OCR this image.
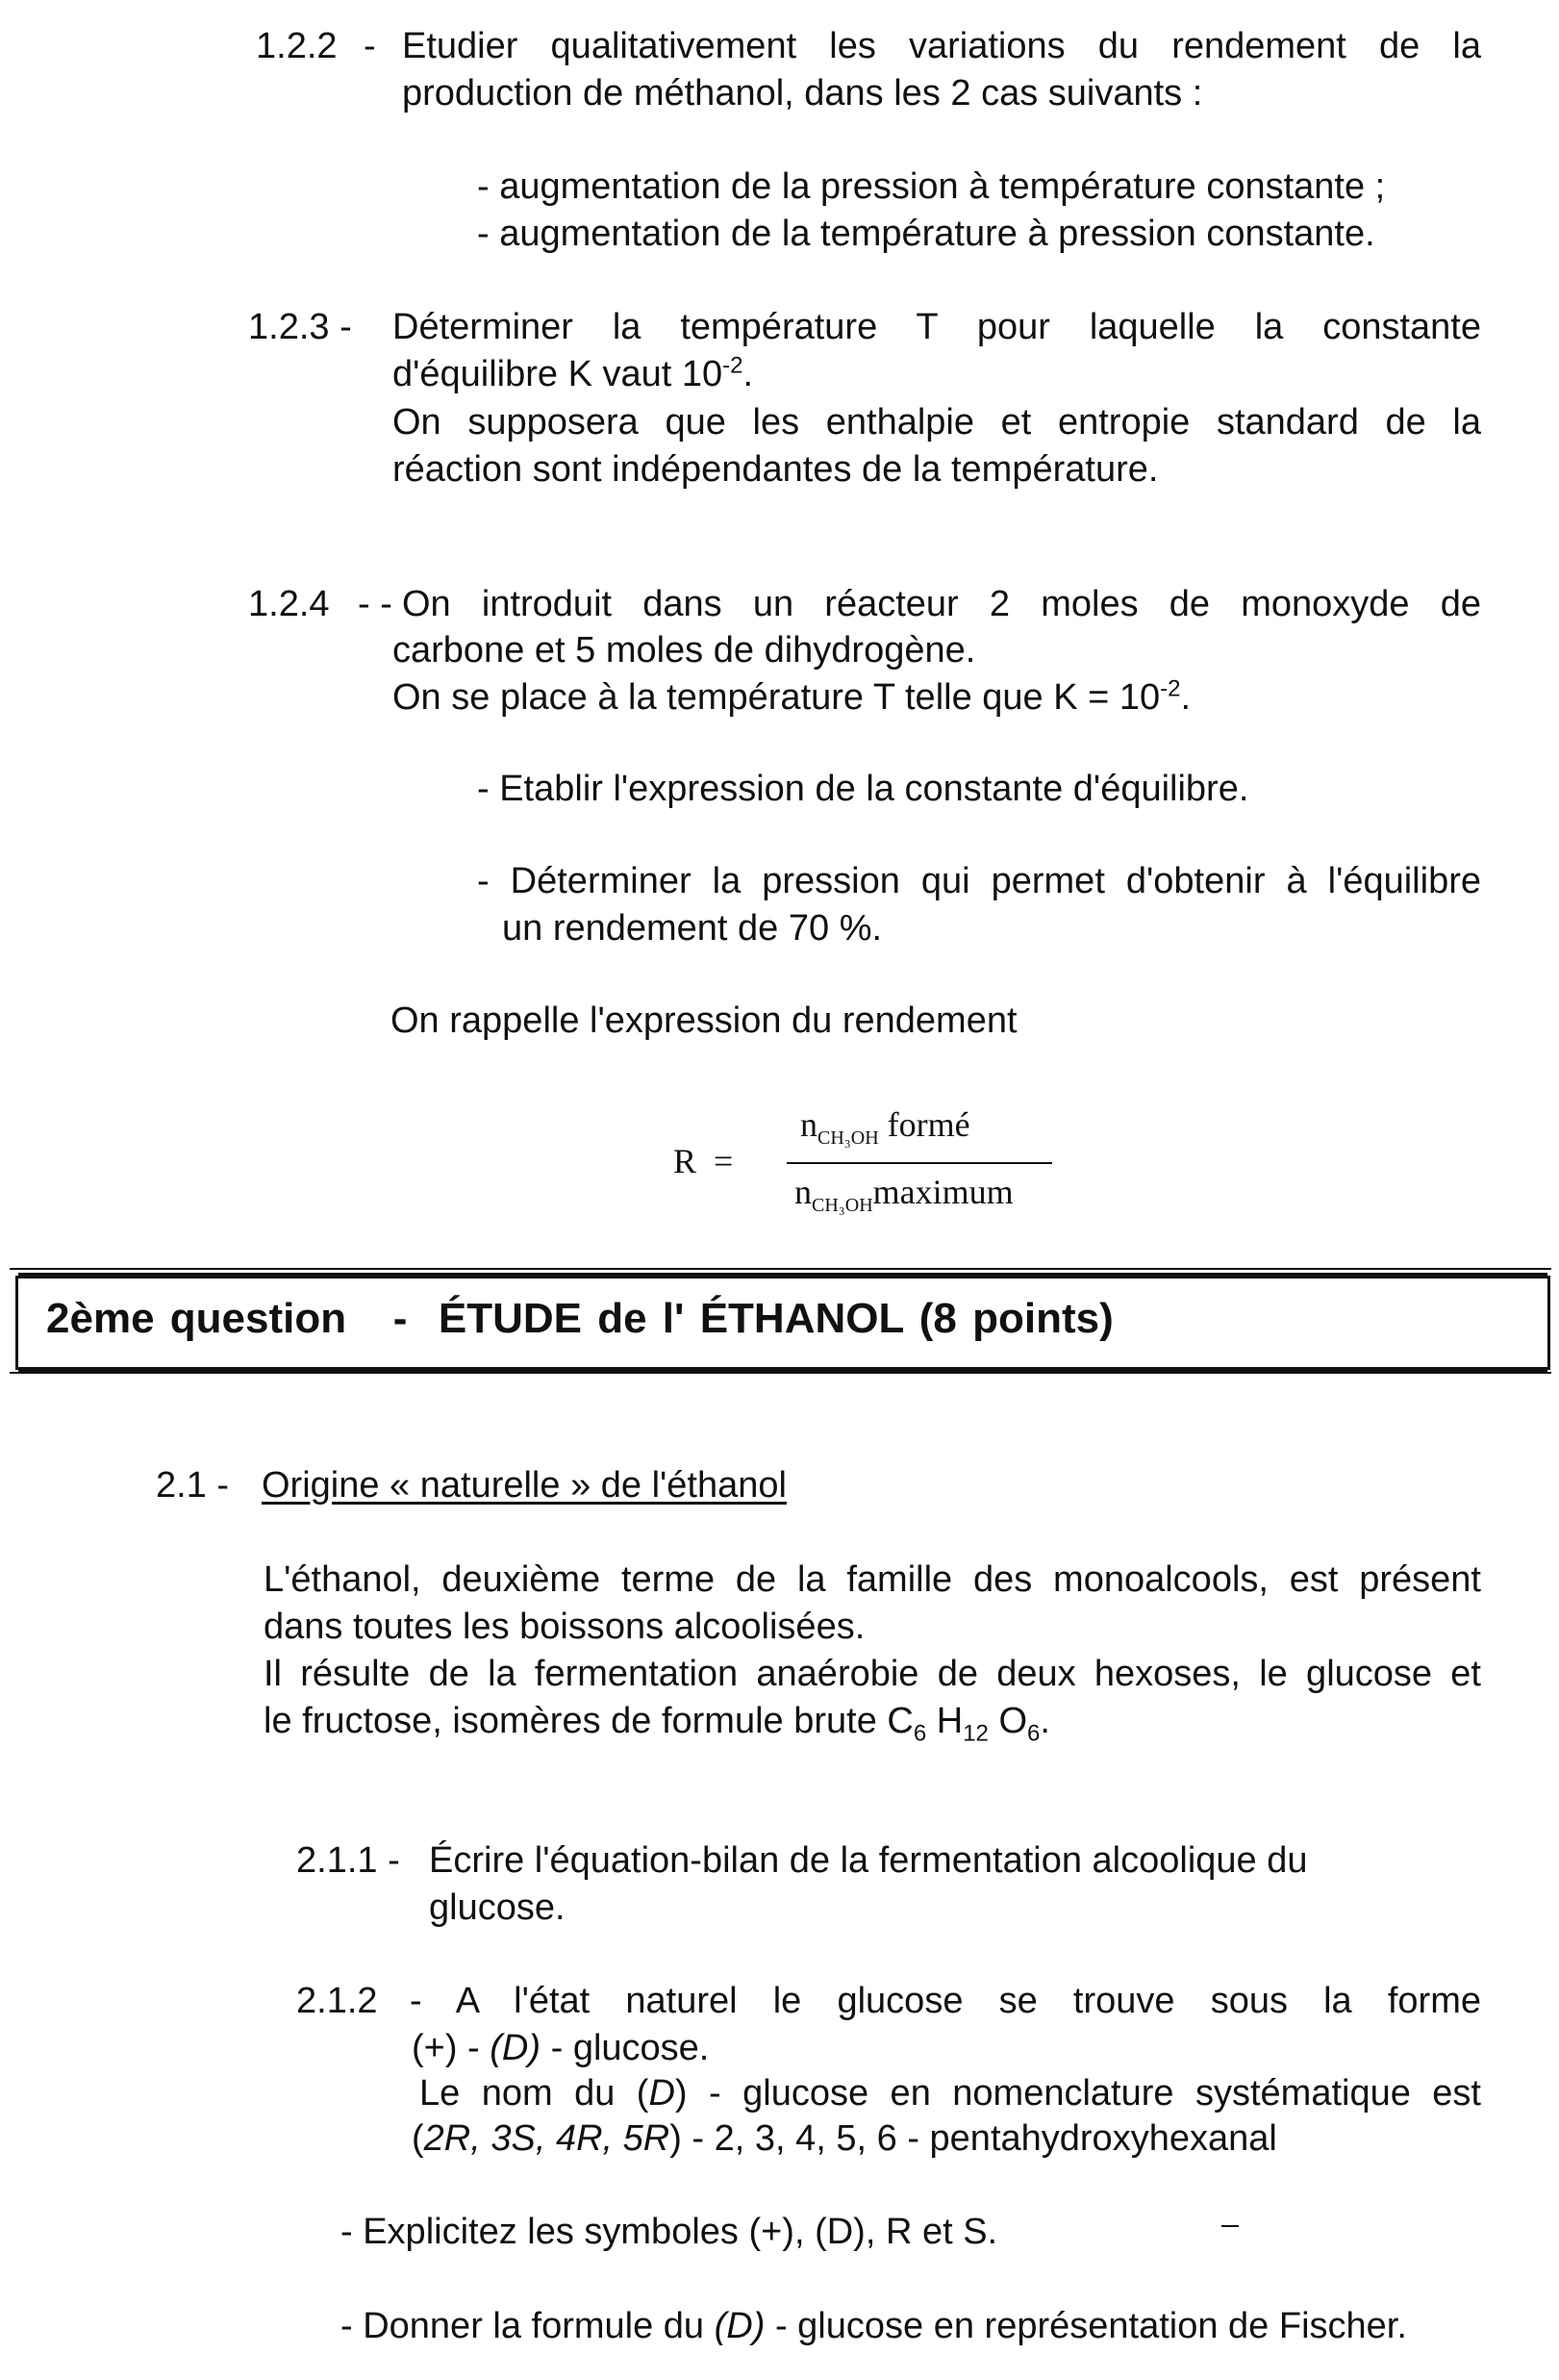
1.2.2 - Etudier qualitativement les variations du rendement de la
production de méthanol, dans les 2 cas suivants :
- augmentation de la pression à température constante ;
- augmentation de la température à pression constante.
1.2.3 - Déterminer la température T pour laquelle la constante
d'équilibre K vaut $10^{-2}$.
On supposera que les enthalpie et entropie standard de la
réaction sont indépendantes de la température.
1.2.4 - - On introduit dans un réacteur 2 moles de monoxyde de
carbone et 5 moles de dihydrogène.
On se place à la température T telle que $K = 10^{-2}$.
- Etablir l'expression de la constante d'équilibre.
- Déterminer la pression qui permet d'obtenir à l'équilibre
un rendement de 70 %.
On rappelle l'expression du rendement
R  =
$n_{CH_3OH}$ formé
$n_{CH_3OH}maximum$
2ème question   -  ÉTUDE de l' ÉTHANOL (8 points)
2.1 - Origine « naturelle » de l'éthanol
L'éthanol, deuxième terme de la famille des monoalcools, est présent
dans toutes les boissons alcoolisées.
Il résulte de la fermentation anaérobie de deux hexoses, le glucose et
le fructose, isomères de formule brute $C_6$ $H_{12}$ $O_6$.
2.1.1 - Écrire l'équation-bilan de la fermentation alcoolique du
glucose.
2.1.2 - A l'état naturel le glucose se trouve sous la forme
(+) - (D) - glucose.
Le nom du (D) - glucose en nomenclature systématique est
(2R, 3S, 4R, 5R) - 2, 3, 4, 5, 6 - pentahydroxyhexanal
- Explicitez les symboles (+), (D), R et S.
- Donner la formule du (D) - glucose en représentation de Fischer.
